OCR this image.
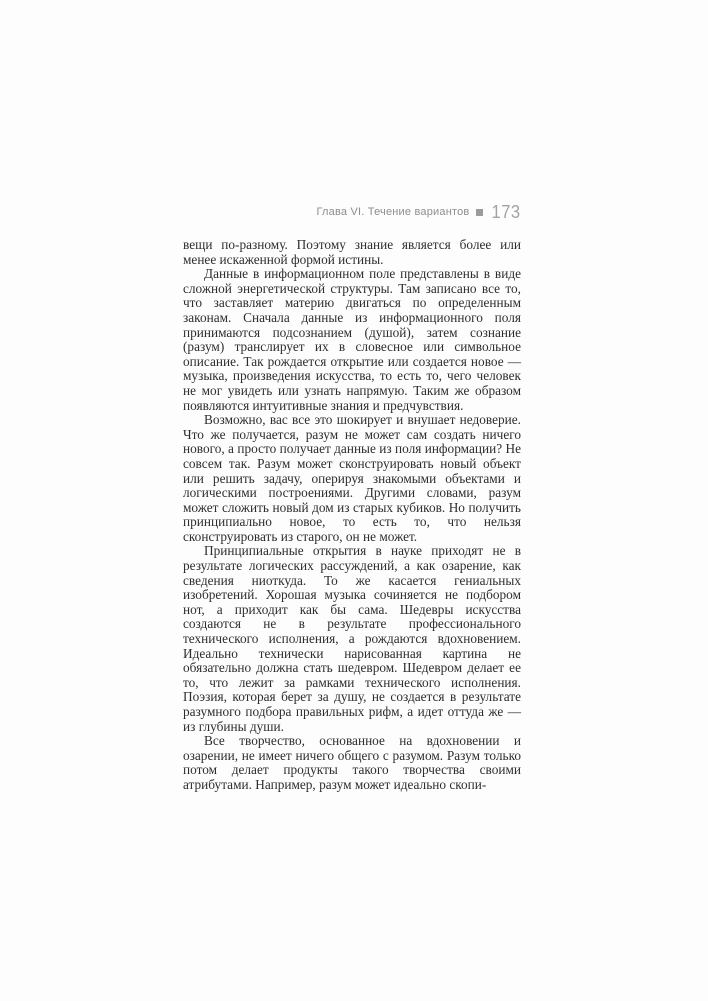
Глава VI. Течение вариантов 173

вещи по-разному. Поэтому знание является более или менее искаженной формой истины.

Данные в информационном поле представлены в виде сложной энергетической структуры. Там записано все то, что заставляет материю двигаться по определенным законам. Сначала данные из информационного поля принимаются подсознанием (душой), затем сознание (разум) транслирует их в словесное или символьное описание. Так рождается открытие или создается новое — музыка, произведения искусства, то есть то, чего человек не мог увидеть или узнать напрямую. Таким же образом появляются интуитивные знания и предчувствия.

Возможно, вас все это шокирует и внушает недоверие. Что же получается, разум не может сам создать ничего нового, а просто получает данные из поля информации? Не совсем так. Разум может сконструировать новый объект или решить задачу, оперируя знакомыми объектами и логическими построениями. Другими словами, разум может сложить новый дом из старых кубиков. Но получить принципиально новое, то есть то, что нельзя сконструировать из старого, он не может.

Принципиальные открытия в науке приходят не в результате логических рассуждений, а как озарение, как сведения ниоткуда. То же касается гениальных изобретений. Хорошая музыка сочиняется не подбором нот, а приходит как бы сама. Шедевры искусства создаются не в результате профессионального технического исполнения, а рождаются вдохновением. Идеально технически нарисованная картина не обязательно должна стать шедевром. Шедевром делает ее то, что лежит за рамками технического исполнения. Поэзия, которая берет за душу, не создается в результате разумного подбора правильных рифм, а идет оттуда же — из глубины души.

Все творчество, основанное на вдохновении и озарении, не имеет ничего общего с разумом. Разум только потом делает продукты такого творчества своими атрибутами. Например, разум может идеально скопи-
